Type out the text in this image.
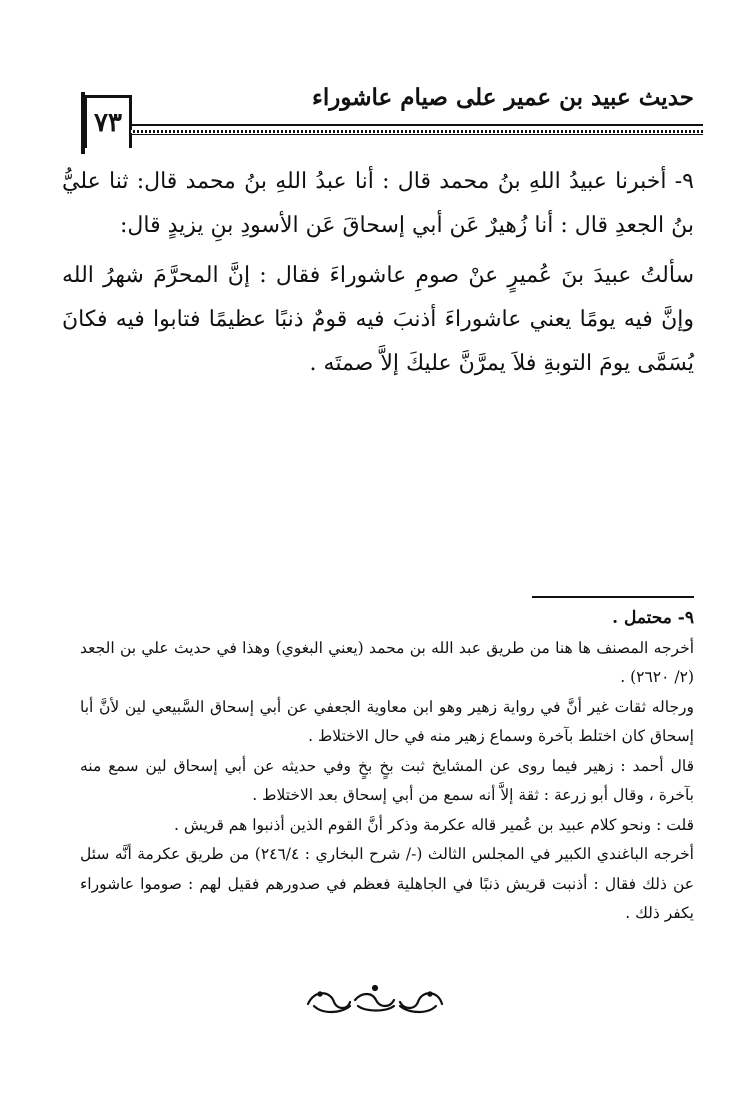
حديث عبيد بن عمير على صيام عاشوراء
٧٣

٩- أخبرنا عبيدُ اللهِ بنُ محمد قال : أنا عبدُ اللهِ بنُ محمد قال: ثنا عليُّ بنُ الجعدِ قال : أنا زُهيرٌ عَن أبي إسحاقَ عَن الأسودِ بنِ يزيدٍ قال:

سألتُ عبيدَ بنَ عُميرٍ عنْ صومِ عاشوراءَ فقال : إنَّ المحرَّمَ شهرُ الله وإنَّ فيه يومًا يعني عاشوراءَ أذنبَ فيه قومٌ ذنبًا عظيمًا فتابوا فيه فكانَ يُسَمَّى يومَ التوبةِ فلاَ يمرَّنَّ عليكَ إلاَّ صمتَه .

٩- محتمل .

أخرجه المصنف ها هنا من طريق عبد الله بن محمد (يعني البغوي) وهذا في حديث علي بن الجعد (٢/ ٢٦٢٠) .

ورجاله ثقات غير أنَّ في رواية زهير وهو ابن معاوية الجعفي عن أبي إسحاق السَّبيعي لين لأنَّ أبا إسحاق كان اختلط بآخرة وسماع زهير منه في حال الاختلاط .

قال أحمد : زهير فيما روى عن المشايخ ثبت بخٍ بخٍ وفي حديثه عن أبي إسحاق لين سمع منه بآخرة ، وقال أبو زرعة : ثقة إلاَّ أنه سمع من أبي إسحاق بعد الاختلاط .

قلت : ونحو كلام عبيد بن عُمير قاله عكرمة وذكر أنَّ القوم الذين أذنبوا هم قريش .

أخرجه الباغندي الكبير في المجلس الثالث (-/ شرح البخاري : ٢٤٦/٤) من طريق عكرمة أنَّه سئل عن ذلك فقال : أذنبت قريش ذنبًا في الجاهلية فعظم في صدورهم فقيل لهم : صوموا عاشوراء يكفر ذلك .
